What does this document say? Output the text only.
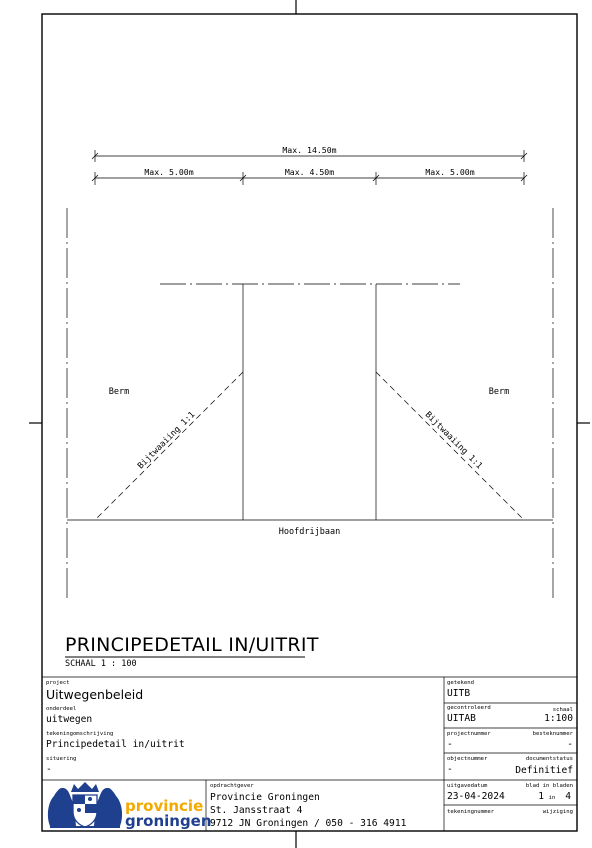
Max. 14.50m
Max. 5.00m	Max. 4.50m	Max. 5.00m
Berm	Berm
Bijtwaaiing 1:1	Bijtwaaiing 1:1
Hoofdrijbaan
PRINCIPEDETAIL IN/UITRIT
SCHAAL 1 : 100
project
Uitwegenbeleid
onderdeel
uitwegen
tekeningomschrijving
Principedetail in/uitrit
situering
-
getekend
UITB
gecontroleerd
UITAB
schaal
1:100
projectnummer
-
besteknummer
-
objectnummer
-
documentstatus
Definitief
uitgavedatum
23-04-2024
blad in bladen
1 in 4
tekeningnummer	wijziging
opdrachtgever
Provincie Groningen
St. Jansstraat 4
9712 JN Groningen / 050 - 316 4911
provincie
groningen
